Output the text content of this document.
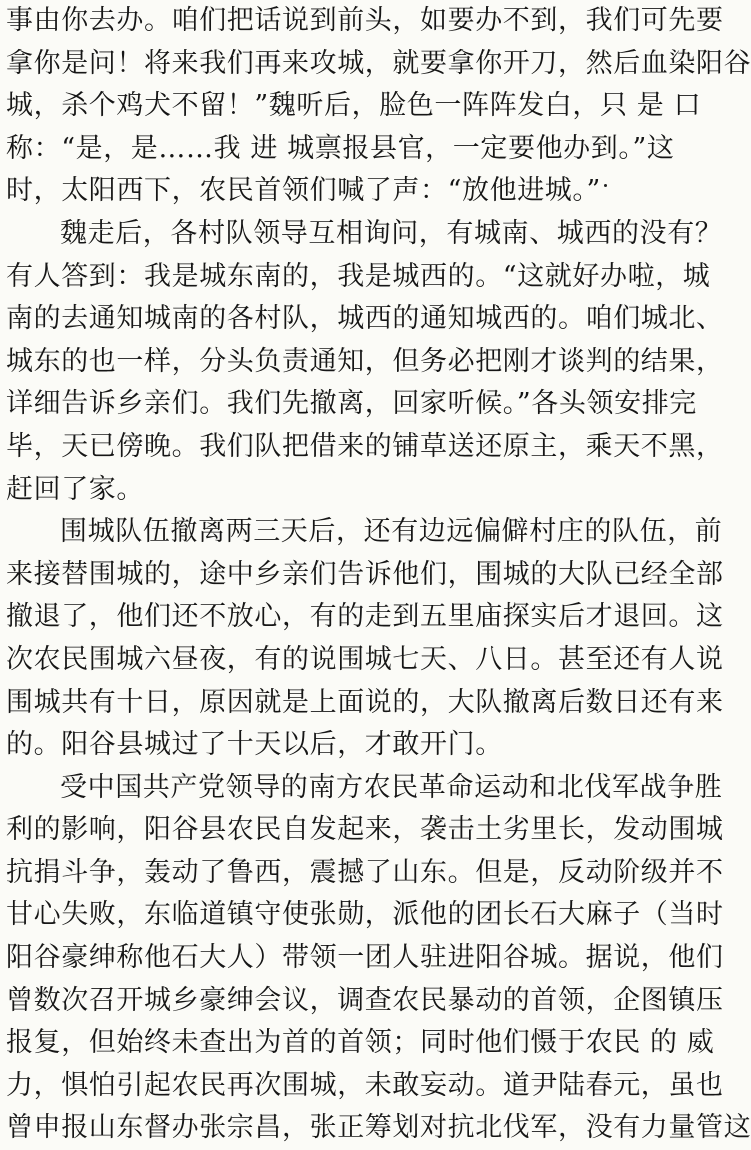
事由你去办。咱们把话说到前头，如要办不到，我们可先要
拿你是问！将来我们再来攻城，就要拿你开刀，然后血染阳谷
城，杀个鸡犬不留！”魏听后，脸色一阵阵发白，只 是 口
称：“是，是……我 进 城禀报县官，一定要他办到。”这
时，太阳西下，农民首领们喊了声：“放他进城。”
魏走后，各村队领导互相询问，有城南、城西的没有？
有人答到：我是城东南的，我是城西的。“这就好办啦，城
南的去通知城南的各村队，城西的通知城西的。咱们城北、
城东的也一样，分头负责通知，但务必把刚才谈判的结果，
详细告诉乡亲们。我们先撤离，回家听候。”各头领安排完
毕，天已傍晚。我们队把借来的铺草送还原主，乘天不黑，
赶回了家。
围城队伍撤离两三天后，还有边远偏僻村庄的队伍，前
来接替围城的，途中乡亲们告诉他们，围城的大队已经全部
撤退了，他们还不放心，有的走到五里庙探实后才退回。这
次农民围城六昼夜，有的说围城七天、八日。甚至还有人说
围城共有十日，原因就是上面说的，大队撤离后数日还有来
的。阳谷县城过了十天以后，才敢开门。
受中国共产党领导的南方农民革命运动和北伐军战争胜
利的影响，阳谷县农民自发起来，袭击土劣里长，发动围城
抗捐斗争，轰动了鲁西，震撼了山东。但是，反动阶级并不
甘心失败，东临道镇守使张勋，派他的团长石大麻子（当时
阳谷豪绅称他石大人）带领一团人驻进阳谷城。据说，他们
曾数次召开城乡豪绅会议，调查农民暴动的首领，企图镇压
报复，但始终未查出为首的首领；同时他们慑于农民 的 威
力，惧怕引起农民再次围城，未敢妄动。道尹陆春元，虽也
曾申报山东督办张宗昌，张正筹划对抗北伐军，没有力量管这
